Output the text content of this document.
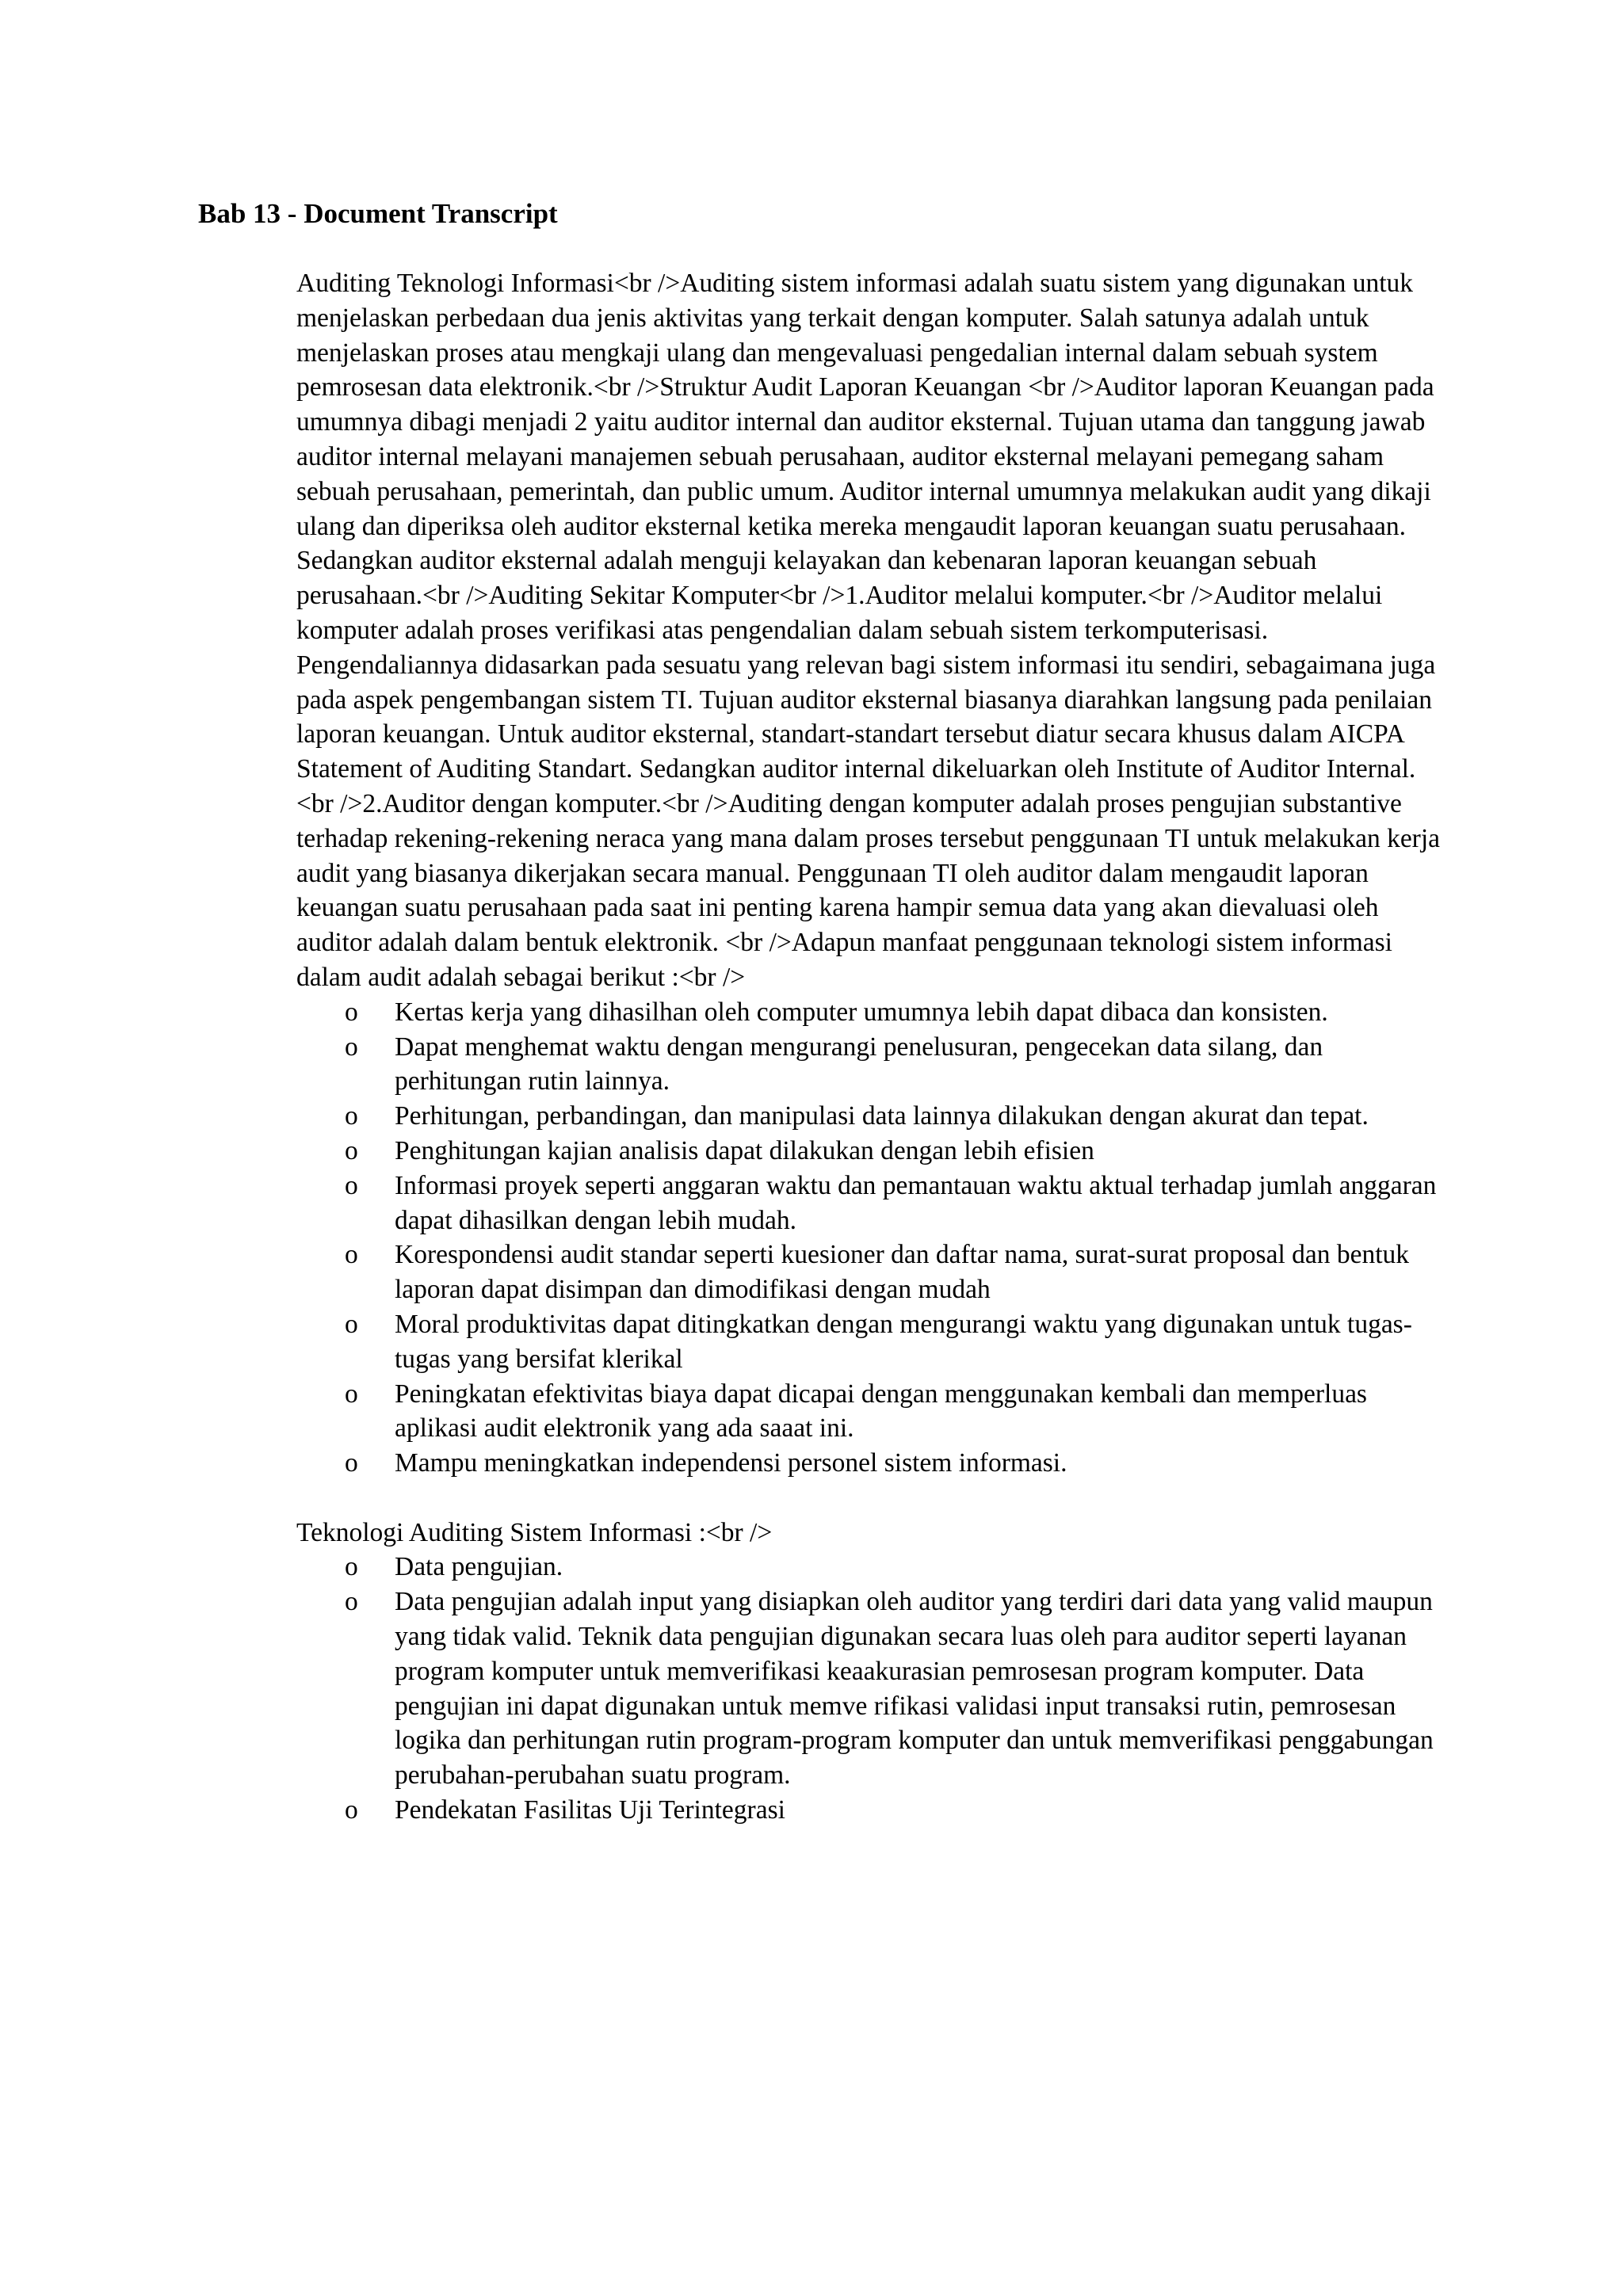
Bab 13 - Document Transcript

Auditing Teknologi Informasi<br />Auditing sistem informasi adalah suatu sistem yang digunakan untuk menjelaskan perbedaan dua jenis aktivitas yang terkait dengan komputer. Salah satunya adalah untuk menjelaskan proses atau mengkaji ulang dan mengevaluasi pengedalian internal dalam sebuah system pemrosesan data elektronik.<br />Struktur Audit Laporan Keuangan <br />Auditor laporan Keuangan pada umumnya dibagi menjadi 2 yaitu auditor internal dan auditor eksternal. Tujuan utama dan tanggung jawab auditor internal melayani manajemen sebuah perusahaan, auditor eksternal melayani pemegang saham sebuah perusahaan, pemerintah, dan public umum. Auditor internal umumnya melakukan audit yang dikaji ulang dan diperiksa oleh auditor eksternal ketika mereka mengaudit laporan keuangan suatu perusahaan. Sedangkan auditor eksternal adalah menguji kelayakan dan kebenaran laporan keuangan sebuah perusahaan.<br />Auditing Sekitar Komputer<br />1.Auditor melalui komputer.<br />Auditor melalui komputer adalah proses verifikasi atas pengendalian dalam sebuah sistem terkomputerisasi. Pengendaliannya didasarkan pada sesuatu yang relevan bagi sistem informasi itu sendiri, sebagaimana juga pada aspek pengembangan sistem TI. Tujuan auditor eksternal biasanya diarahkan langsung pada penilaian laporan keuangan. Untuk auditor eksternal, standart-standart tersebut diatur secara khusus dalam AICPA Statement of Auditing Standart. Sedangkan auditor internal dikeluarkan oleh Institute of Auditor Internal. <br />2.Auditor dengan komputer.<br />Auditing dengan komputer adalah proses pengujian substantive terhadap rekening-rekening neraca yang mana dalam proses tersebut penggunaan TI untuk melakukan kerja audit yang biasanya dikerjakan secara manual. Penggunaan TI oleh auditor dalam mengaudit laporan keuangan suatu perusahaan pada saat ini penting karena hampir semua data yang akan dievaluasi oleh auditor adalah dalam bentuk elektronik. <br />Adapun manfaat penggunaan teknologi sistem informasi dalam audit adalah sebagai berikut :<br />

o	Kertas kerja yang dihasilhan oleh computer umumnya lebih dapat dibaca dan konsisten.
o	Dapat menghemat waktu dengan mengurangi penelusuran, pengecekan data silang, dan perhitungan rutin lainnya.
o	Perhitungan, perbandingan, dan manipulasi data lainnya dilakukan dengan akurat dan tepat.
o	Penghitungan kajian analisis dapat dilakukan dengan lebih efisien
o	Informasi proyek seperti anggaran waktu dan pemantauan waktu aktual terhadap jumlah anggaran dapat dihasilkan dengan lebih mudah.
o	Korespondensi audit standar seperti kuesioner dan daftar nama, surat-surat proposal dan bentuk laporan dapat disimpan dan dimodifikasi dengan mudah
o	Moral produktivitas dapat ditingkatkan dengan mengurangi waktu yang digunakan untuk tugas-tugas yang bersifat klerikal
o	Peningkatan efektivitas biaya dapat dicapai dengan menggunakan kembali dan memperluas aplikasi audit elektronik yang ada saaat ini.
o	Mampu meningkatkan independensi personel sistem informasi.

Teknologi Auditing Sistem Informasi :<br />

o	Data pengujian.
o	Data pengujian adalah input yang disiapkan oleh auditor yang terdiri dari data yang valid maupun yang tidak valid. Teknik data pengujian digunakan secara luas oleh para auditor seperti layanan program komputer untuk memverifikasi keaakurasian pemrosesan program komputer. Data pengujian ini dapat digunakan untuk memve rifikasi validasi input transaksi rutin, pemrosesan logika dan perhitungan rutin program-program komputer dan untuk memverifikasi penggabungan perubahan-perubahan suatu program.
o	Pendekatan Fasilitas Uji Terintegrasi
